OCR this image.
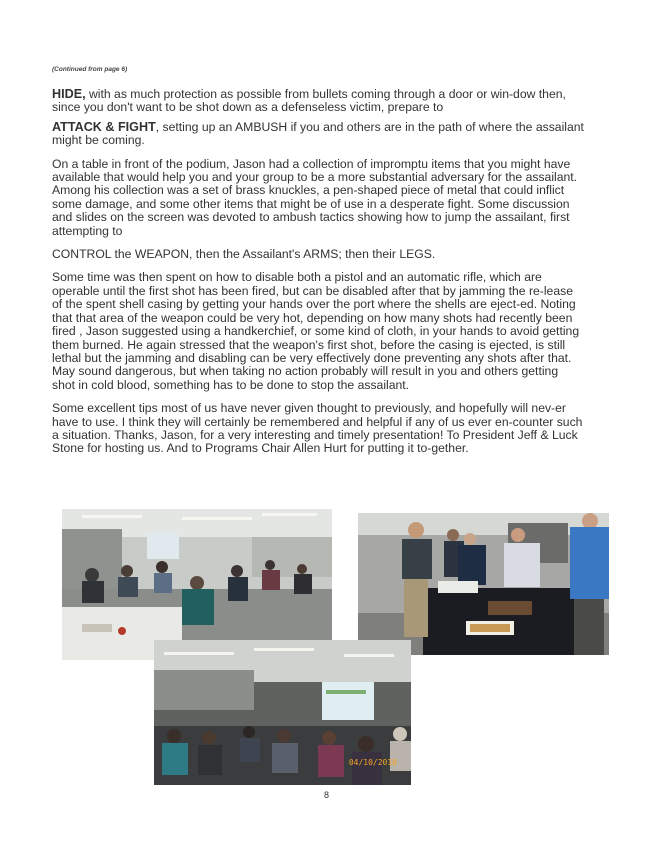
(Continued from page 6)

HIDE, with as much protection as possible from bullets coming through a door or win-dow then, since you don't want to be shot down as a defenseless victim, prepare to

ATTACK & FIGHT, setting up an AMBUSH if you and others are in the path of where the assailant might be coming.

On a table in front of the podium, Jason had a collection of impromptu items that you might have available that would help you and your group to be a more substantial adversary for the assailant. Among his collection was a set of brass knuckles, a pen-shaped piece of metal that could inflict some damage, and some other items that might be of use in a desperate fight. Some discussion and slides on the screen was devoted to ambush tactics showing how to jump the assailant, first attempting to

CONTROL the WEAPON, then the Assailant's ARMS; then their LEGS.

Some time was then spent on how to disable both a pistol and an automatic rifle, which are operable until the first shot has been fired, but can be disabled after that by jamming the re-lease of the spent shell casing by getting your hands over the port where the shells are eject-ed. Noting that that area of the weapon could be very hot, depending on how many shots had recently been fired , Jason suggested using a handkerchief, or some kind of cloth, in your hands to avoid getting them burned. He again stressed that the weapon's first shot, before the casing is ejected, is still lethal but the jamming and disabling can be very effectively done preventing any shots after that. May sound dangerous, but when taking no action probably will result in you and others getting shot in cold blood, something has to be done to stop the assailant.

Some excellent tips most of us have never given thought to previously, and hopefully will nev-er have to use. I think they will certainly be remembered and helpful if any of us ever en-counter such a situation. Thanks, Jason, for a very interesting and timely presentation! To President Jeff & Luck Stone for hosting us. And to Programs Chair Allen Hurt for putting it to-gether.

04/10/2018
8
